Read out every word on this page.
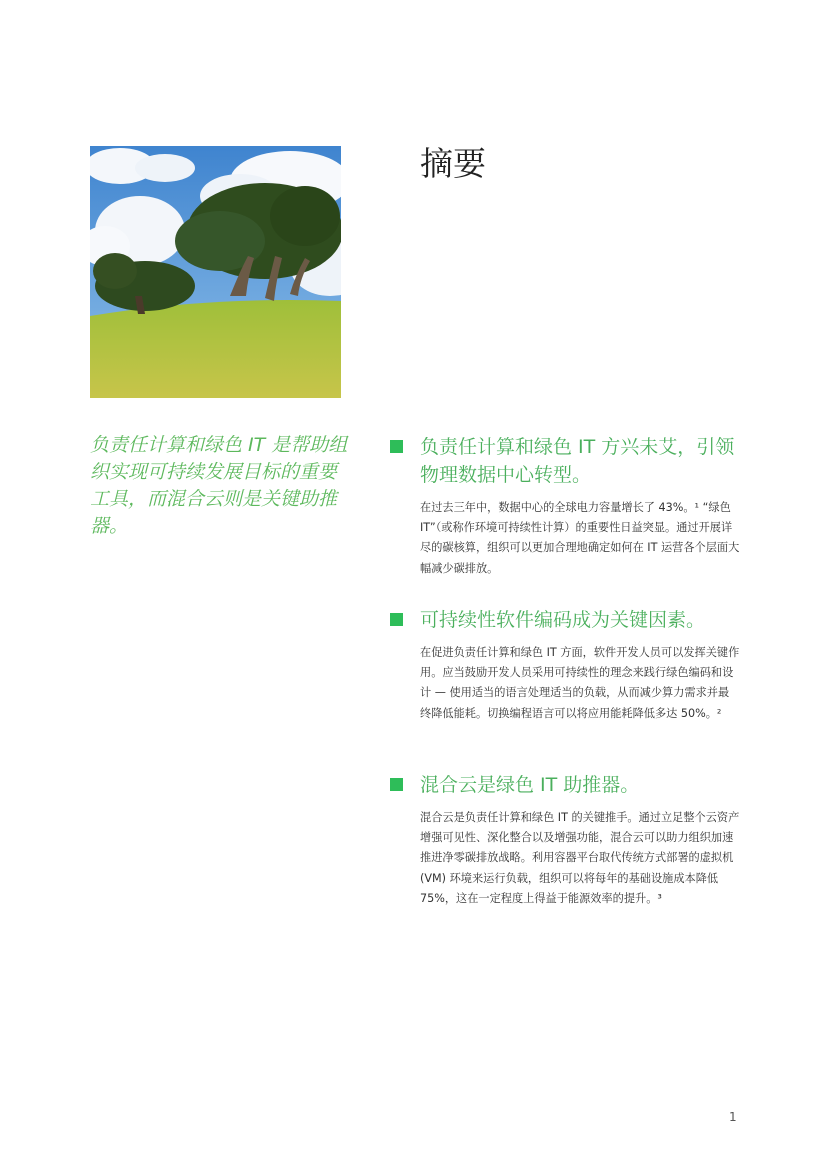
摘要

负责任计算和绿色 IT 是帮助组织实现可持续发展目标的重要工具，而混合云则是关键助推器。

负责任计算和绿色 IT 方兴未艾，引领物理数据中心转型。

在过去三年中，数据中心的全球电力容量增长了 43%。¹ “绿色 IT”（或称作环境可持续性计算）的重要性日益突显。通过开展详尽的碳核算，组织可以更加合理地确定如何在 IT 运营各个层面大幅减少碳排放。

可持续性软件编码成为关键因素。

在促进负责任计算和绿色 IT 方面，软件开发人员可以发挥关键作用。应当鼓励开发人员采用可持续性的理念来践行绿色编码和设计 — 使用适当的语言处理适当的负载，从而减少算力需求并最终降低能耗。切换编程语言可以将应用能耗降低多达 50%。²

混合云是绿色 IT 助推器。

混合云是负责任计算和绿色 IT 的关键推手。通过立足整个云资产增强可见性、深化整合以及增强功能，混合云可以助力组织加速推进净零碳排放战略。利用容器平台取代传统方式部署的虚拟机 (VM) 环境来运行负载，组织可以将每年的基础设施成本降低 75%，这在一定程度上得益于能源效率的提升。³

1
